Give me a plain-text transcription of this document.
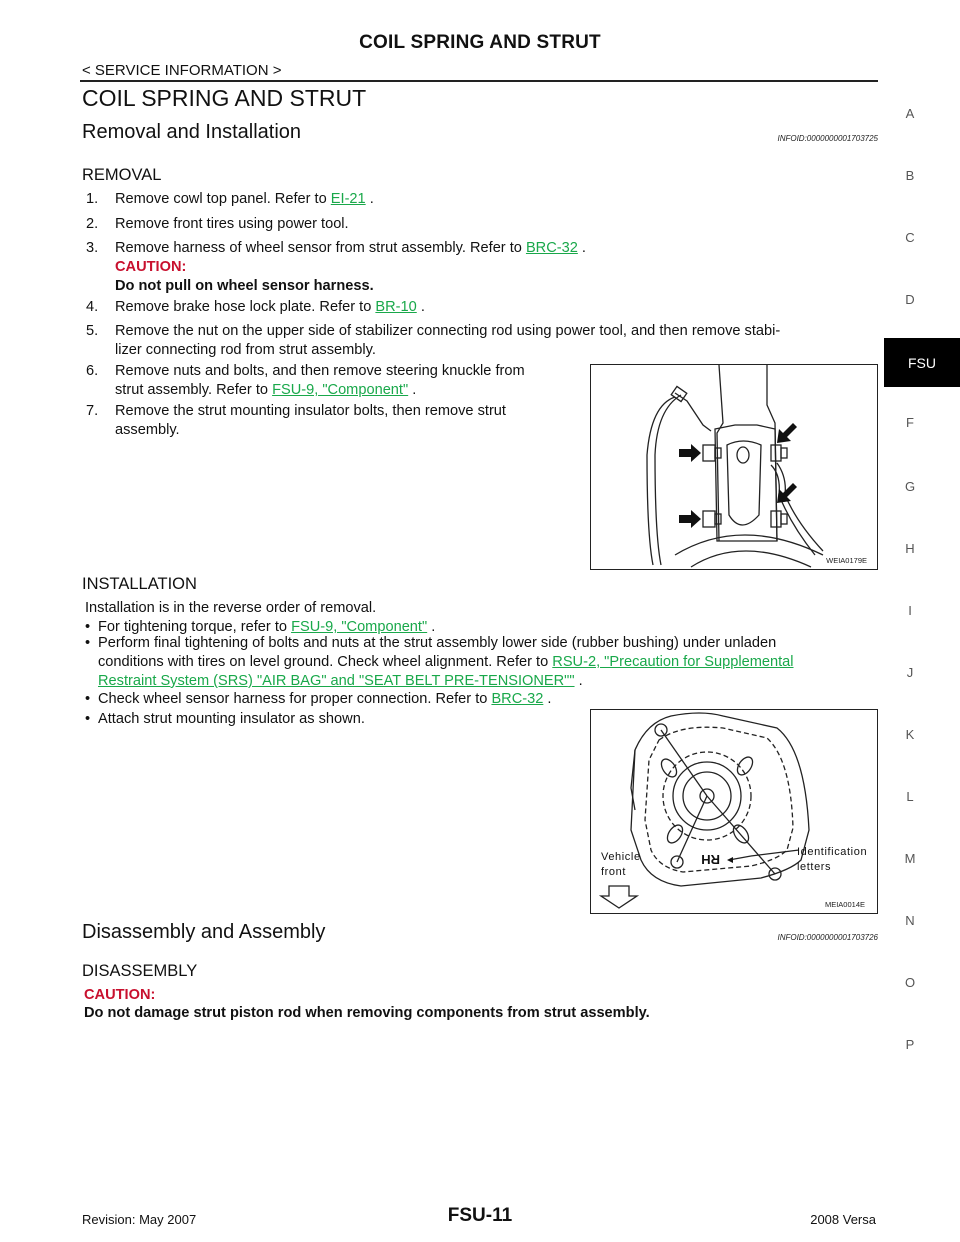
COIL SPRING AND STRUT
< SERVICE INFORMATION >
COIL SPRING AND STRUT
Removal and Installation	INFOID:0000000001703725
REMOVAL
1. Remove cowl top panel. Refer to EI-21 .
2. Remove front tires using power tool.
3. Remove harness of wheel sensor from strut assembly. Refer to BRC-32 .
CAUTION:
Do not pull on wheel sensor harness.
4. Remove brake hose lock plate. Refer to BR-10 .
5. Remove the nut on the upper side of stabilizer connecting rod using power tool, and then remove stabi-
lizer connecting rod from strut assembly.
6. Remove nuts and bolts, and then remove steering knuckle from
strut assembly. Refer to FSU-9, "Component" .
7. Remove the strut mounting insulator bolts, then remove strut
assembly.
WEIA0179E
INSTALLATION
Installation is in the reverse order of removal.
• For tightening torque, refer to FSU-9, "Component" .
• Perform final tightening of bolts and nuts at the strut assembly lower side (rubber bushing) under unladen
conditions with tires on level ground. Check wheel alignment. Refer to RSU-2, "Precaution for Supplemental
Restraint System (SRS) "AIR BAG" and "SEAT BELT PRE-TENSIONER"" .
• Check wheel sensor harness for proper connection. Refer to BRC-32 .
• Attach strut mounting insulator as shown.
RH
Vehicle
front
Identification
letters
MEIA0014E
Disassembly and Assembly	INFOID:0000000001703726
DISASSEMBLY
CAUTION:
Do not damage strut piston rod when removing components from strut assembly.
A
B
C
D
F
G
H
I
J
K
L
M
N
O
P
FSU
Revision: May 2007	FSU-11	2008 Versa
